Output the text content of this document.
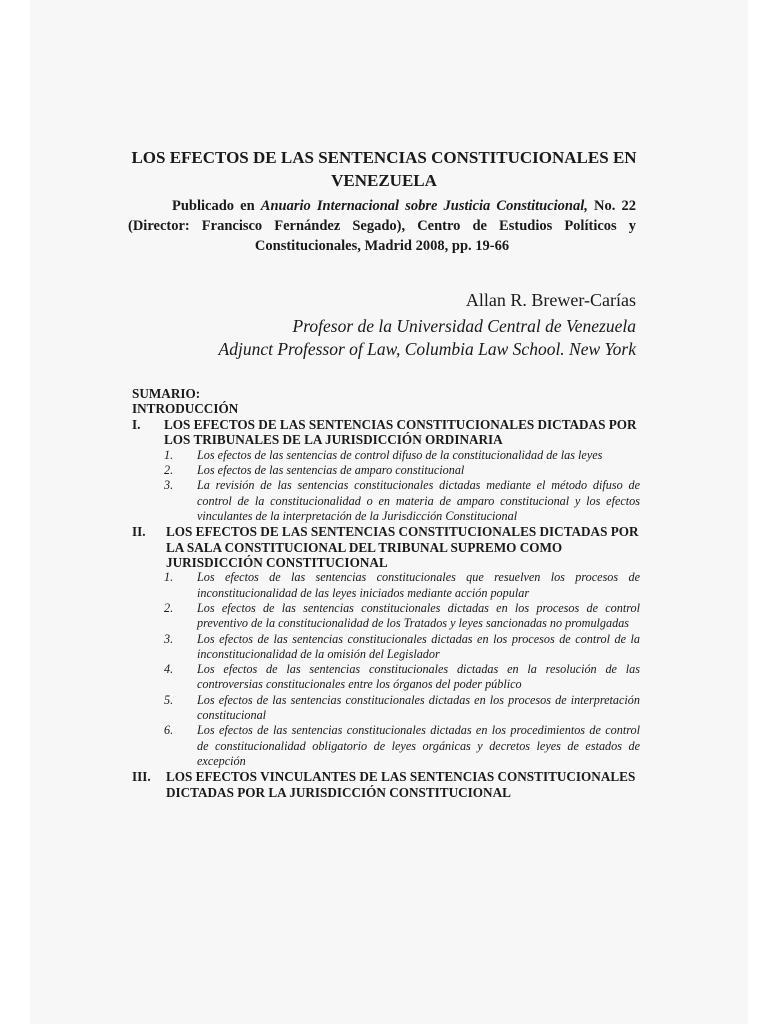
LOS EFECTOS DE LAS SENTENCIAS CONSTITUCIONALES EN
VENEZUELA
Publicado en Anuario Internacional sobre Justicia Constitucional, No. 22 (Director: Francisco Fernández Segado), Centro de Estudios Políticos y Constitucionales, Madrid 2008, pp. 19-66
Allan R. Brewer-Carías
Profesor de la Universidad Central de Venezuela
Adjunct Professor of Law, Columbia Law School. New York
SUMARIO:
INTRODUCCIÓN
I.	LOS EFECTOS DE LAS SENTENCIAS CONSTITUCIONALES DICTADAS POR LOS TRIBUNALES DE LA JURISDICCIÓN ORDINARIA
1.	Los efectos de las sentencias de control difuso de la constitucionalidad de las leyes
2.	Los efectos de las sentencias de amparo constitucional
3.	La revisión de las sentencias constitucionales dictadas mediante el método difuso de control de la constitucionalidad o en materia de amparo constitucional y los efectos vinculantes de la interpretación de la Jurisdicción Constitucional
II.	LOS EFECTOS DE LAS SENTENCIAS CONSTITUCIONALES DICTADAS POR LA SALA CONSTITUCIONAL DEL TRIBUNAL SUPREMO COMO JURISDICCIÓN CONSTITUCIONAL
1.	Los efectos de las sentencias constitucionales que resuelven los procesos de inconstitucionalidad de las leyes iniciados mediante acción popular
2.	Los efectos de las sentencias constitucionales dictadas en los procesos de control preventivo de la constitucionalidad de los Tratados y leyes sancionadas no promulgadas
3.	Los efectos de las sentencias constitucionales dictadas en los procesos de control de la inconstitucionalidad de la omisión del Legislador
4.	Los efectos de las sentencias constitucionales dictadas en la resolución de las controversias constitucionales entre los órganos del poder público
5.	Los efectos de las sentencias constitucionales dictadas en los procesos de interpretación constitucional
6.	Los efectos de las sentencias constitucionales dictadas en los procedimientos de control de constitucionalidad obligatorio de leyes orgánicas y decretos leyes de estados de excepción
III.	LOS EFECTOS VINCULANTES DE LAS SENTENCIAS CONSTITUCIONALES DICTADAS POR LA JURISDICCIÓN CONSTITUCIONAL
